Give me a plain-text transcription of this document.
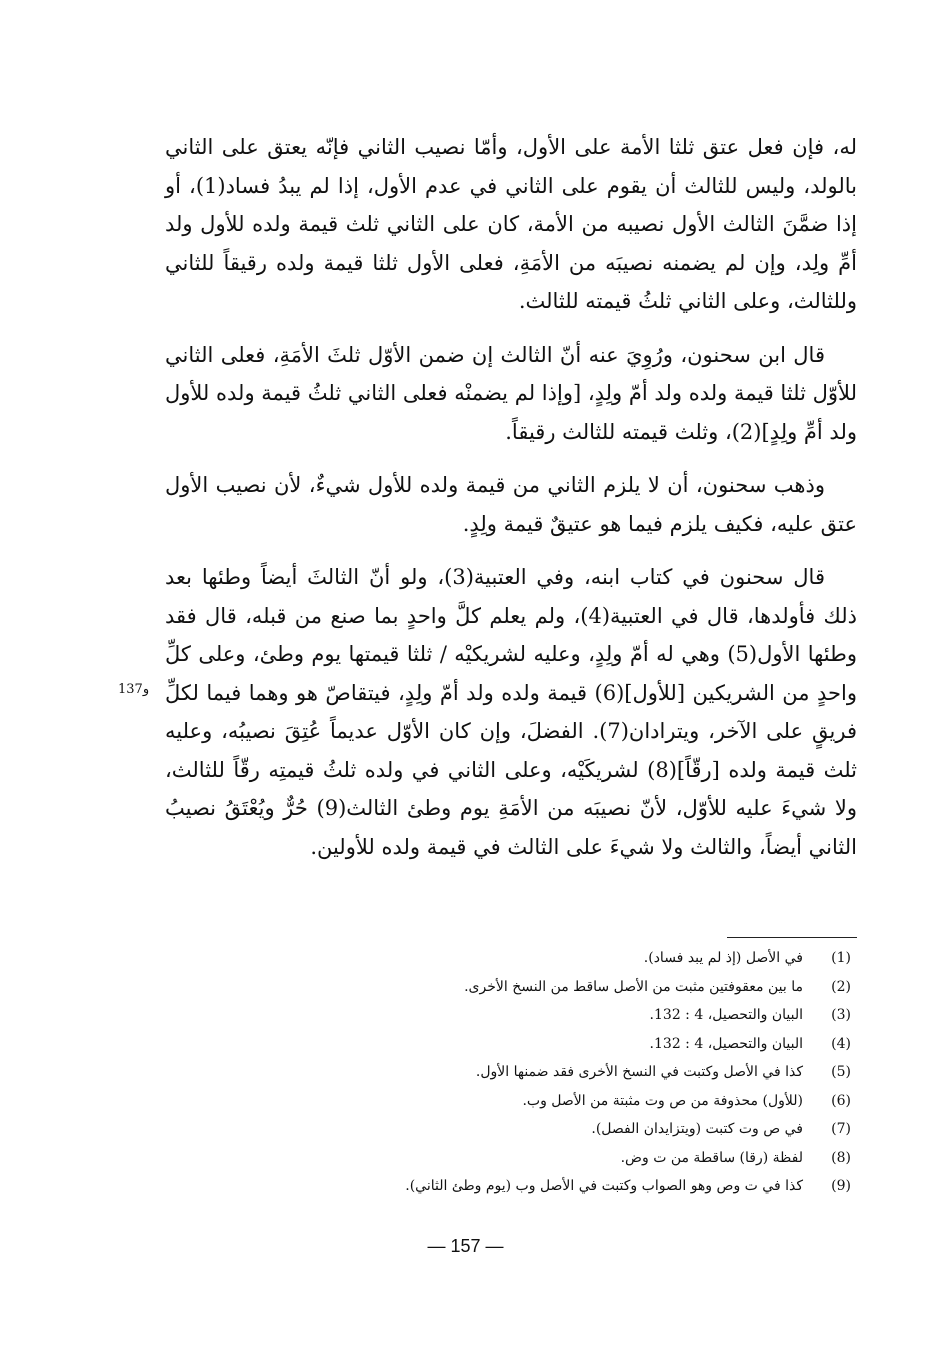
له، فإن فعل عتق ثلثا الأمة على الأول، وأمّا نصيب الثاني فإنّه يعتق على الثاني بالولد، وليس للثالث أن يقوم على الثاني في عدم الأول، إذا لم يبدُ فساد(1)، أو إذا ضمَّنَ الثالث الأول نصيبه من الأمة، كان على الثاني ثلث قيمة ولده للأول ولد أمِّ ولِد، وإن لم يضمنه نصيبَه من الأمَةِ، فعلى الأول ثلثا قيمة ولده رقيقاً للثاني وللثالث، وعلى الثاني ثلثُ قيمته للثالث.

قال ابن سحنون، ورُوِيَ عنه أنّ الثالث إن ضمن الأوّل ثلثَ الأمَةِ، فعلى الثاني للأوّل ثلثا قيمة ولده ولد أمّ ولِدٍ، [وإذا لم يضمنْه فعلى الثاني ثلثُ قيمة ولده للأول ولد أمِّ ولِدٍ](2)، وثلث قيمته للثالث رقيقاً.

وذهب سحنون، أن لا يلزم الثاني من قيمة ولده للأول شيءٌ، لأن نصيب الأول عتق عليه، فكيف يلزم فيما هو عتيقٌ قيمة ولِدٍ.

قال سحنون في كتاب ابنه، وفي العتبية(3)، ولو أنّ الثالثَ أيضاً وطئها بعد ذلك فأولدها، قال في العتبية(4)، ولم يعلم كلَّ واحدٍ بما صنع من قبله، قال فقد وطئها الأول(5) وهي له أمّ ولِدٍ، وعليه لشريكيْه / ثلثا قيمتها يوم وطئ، وعلى كلِّ واحدٍ من الشريكين [للأول](6) قيمة ولده ولد أمّ ولِدٍ، فيتقاصّ هو وهما فيما لكلِّ فريقٍ على الآخر، ويترادان(7). الفضلَ، وإن كان الأوّل عديماً عُتِقَ نصيبُه، وعليه ثلث قيمة ولده [رقّاً](8) لشريكَيْه، وعلى الثاني في ولده ثلثُ قيمتِه رقّاً للثالث، ولا شيءَ عليه للأوّل، لأنّ نصيبَه من الأمَةِ يوم وطئ الثالث(9) حُرٌّ ويُعْتَقُ نصيبُ الثاني أيضاً، والثالث ولا شيءَ على الثالث في قيمة ولده للأولين.

137و
(1)
في الأصل (إذ لم يبد فساد).
(2)
ما بين معقوفتين مثبت من الأصل ساقط من النسخ الأخرى.
(3)
البيان والتحصيل، 4 : 132.
(4)
البيان والتحصيل، 4 : 132.
(5)
كذا في الأصل وكتبت في النسخ الأخرى فقد ضمنها الأول.
(6)
(للأول) محذوفة من ص وت مثبتة من الأصل وب.
(7)
في ص وت كتبت (ويتزايدان الفصل).
(8)
لفظة (رقا) ساقطة من ت وض.
(9)
كذا في ت وص وهو الصواب وكتبت في الأصل وب (يوم وطئ الثاني).
— 157 —
